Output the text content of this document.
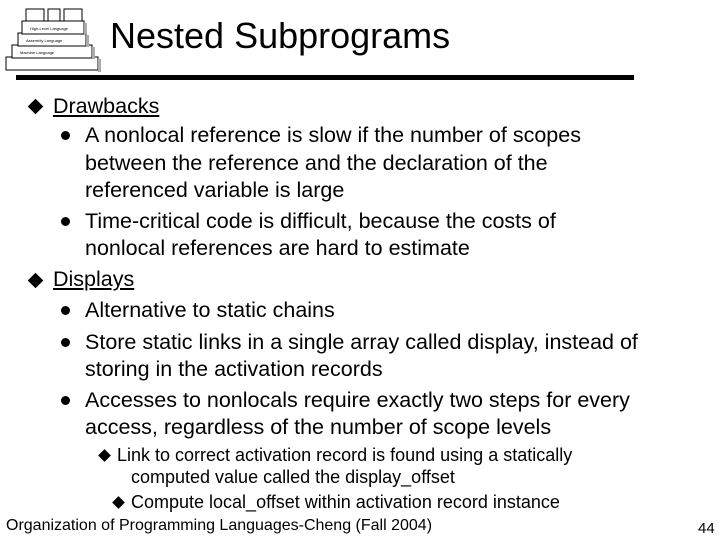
High-Level Language
Assembly Language
Machine Language Nested Subprograms
Drawbacks
A nonlocal reference is slow if the number of scopes
between the reference and the declaration of the
referenced variable is large
Time-critical code is difficult, because the costs of
nonlocal references are hard to estimate
Displays
Alternative to static chains
Store static links in a single array called display, instead of
storing in the activation records
Accesses to nonlocals require exactly two steps for every
access, regardless of the number of scope levels
Link to correct activation record is found using a statically
computed value called the display_offset
Compute local_offset within activation record instance
Organization of Programming Languages-Cheng (Fall 2004)	44
